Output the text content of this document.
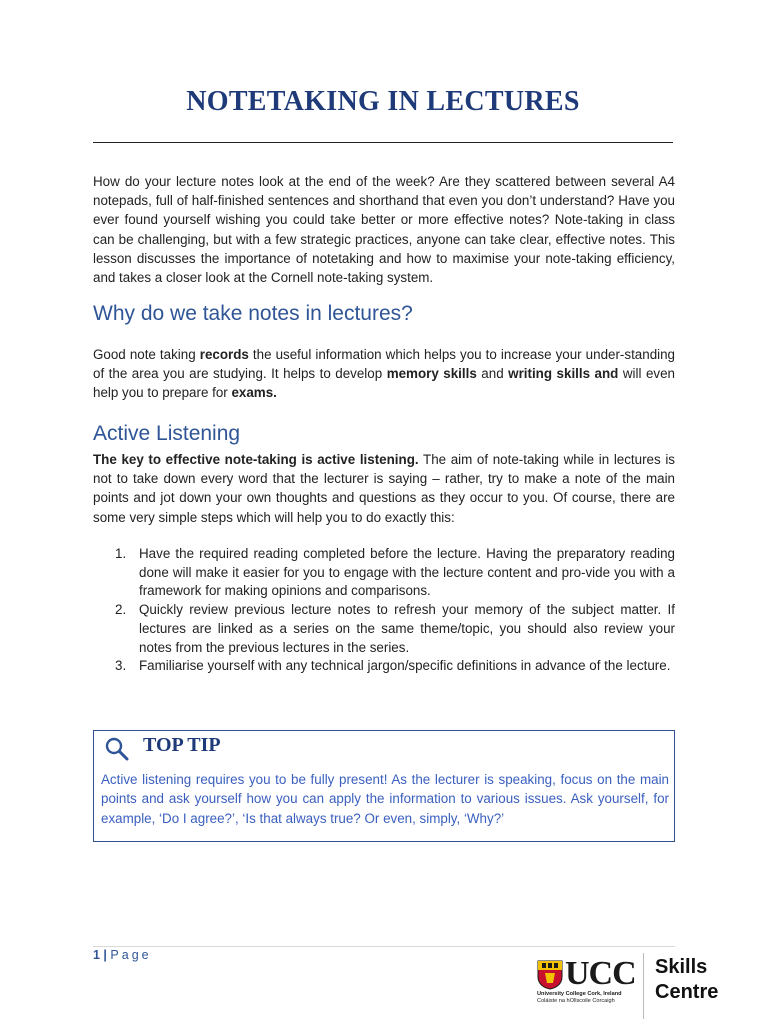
NOTETAKING IN LECTURES

How do your lecture notes look at the end of the week? Are they scattered between several A4 notepads, full of half-finished sentences and shorthand that even you don’t understand? Have you ever found yourself wishing you could take better or more effective notes? Note-taking in class can be challenging, but with a few strategic practices, anyone can take clear, effective notes. This lesson discusses the importance of notetaking and how to maximise your note-taking efficiency, and takes a closer look at the Cornell note-taking system.

Why do we take notes in lectures?

Good note taking records the useful information which helps you to increase your under-standing of the area you are studying. It helps to develop memory skills and writing skills and will even help you to prepare for exams.

Active Listening

The key to effective note-taking is active listening. The aim of note-taking while in lectures is not to take down every word that the lecturer is saying – rather, try to make a note of the main points and jot down your own thoughts and questions as they occur to you. Of course, there are some very simple steps which will help you to do exactly this:

1. Have the required reading completed before the lecture. Having the preparatory reading done will make it easier for you to engage with the lecture content and pro-vide you with a framework for making opinions and comparisons.
2. Quickly review previous lecture notes to refresh your memory of the subject matter. If lectures are linked as a series on the same theme/topic, you should also review your notes from the previous lectures in the series.
3. Familiarise yourself with any technical jargon/specific definitions in advance of the lecture.

TOP TIP

Active listening requires you to be fully present! As the lecturer is speaking, focus on the main points and ask yourself how you can apply the information to various issues. Ask yourself, for example, ‘Do I agree?’, ‘Is that always true? Or even, simply, ‘Why?’

1 | Page	UCC
University College Cork, Ireland
Coláiste na hOllscoile Corcaigh
Skills
Centre
